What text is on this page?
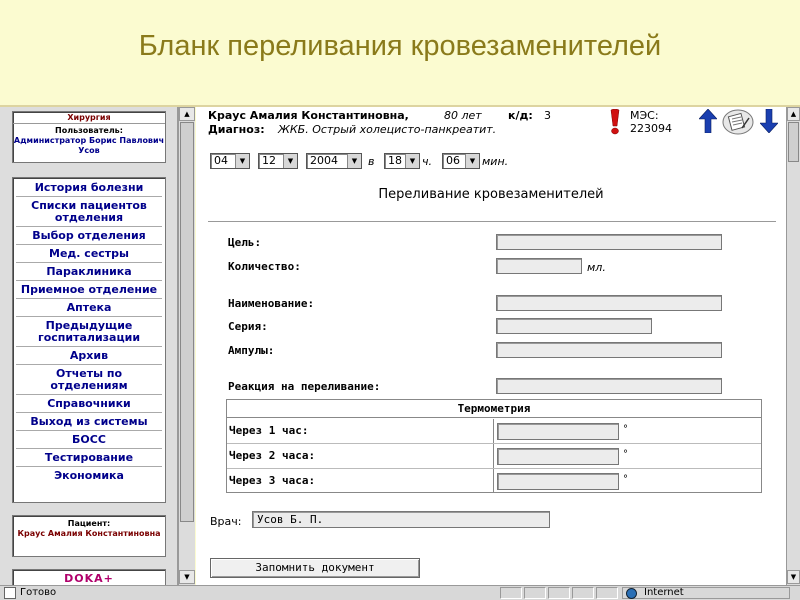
Бланк переливания кровезаменителей
Хирургия
Пользователь:
Администратор Борис Павлович Усов
История болезни
Списки пациентов отделения
Выбор отделения
Мед. сестры
Параклиника
Приемное отделение
Аптека
Предыдущие госпитализации
Архив
Отчеты по отделениям
Справочники
Выход из системы
БОСС
Тестирование
Экономика
Пациент:
Краус Амалия Константиновна
DOKA+
▲
▼
Краус Амалия Константиновна,	80 лет к/д: 3
Диагноз: ЖКБ. Острый холецисто-панкреатит.
МЭС:
223094
04	▼	12	▼	2004	▼ в	18	▼ ч.	06	▼ мин.
Переливание кровезаменителей
Цель:
Количество:	мл.
Наименование:
Серия:
Ампулы:
Реакция на переливание:
Термометрия
Через 1 час:	°
Через 2 часа:	°
Через 3 часа:	°
Врач:	Усов Б. П.
Запомнить документ
▲
▼
Готово	Internet
